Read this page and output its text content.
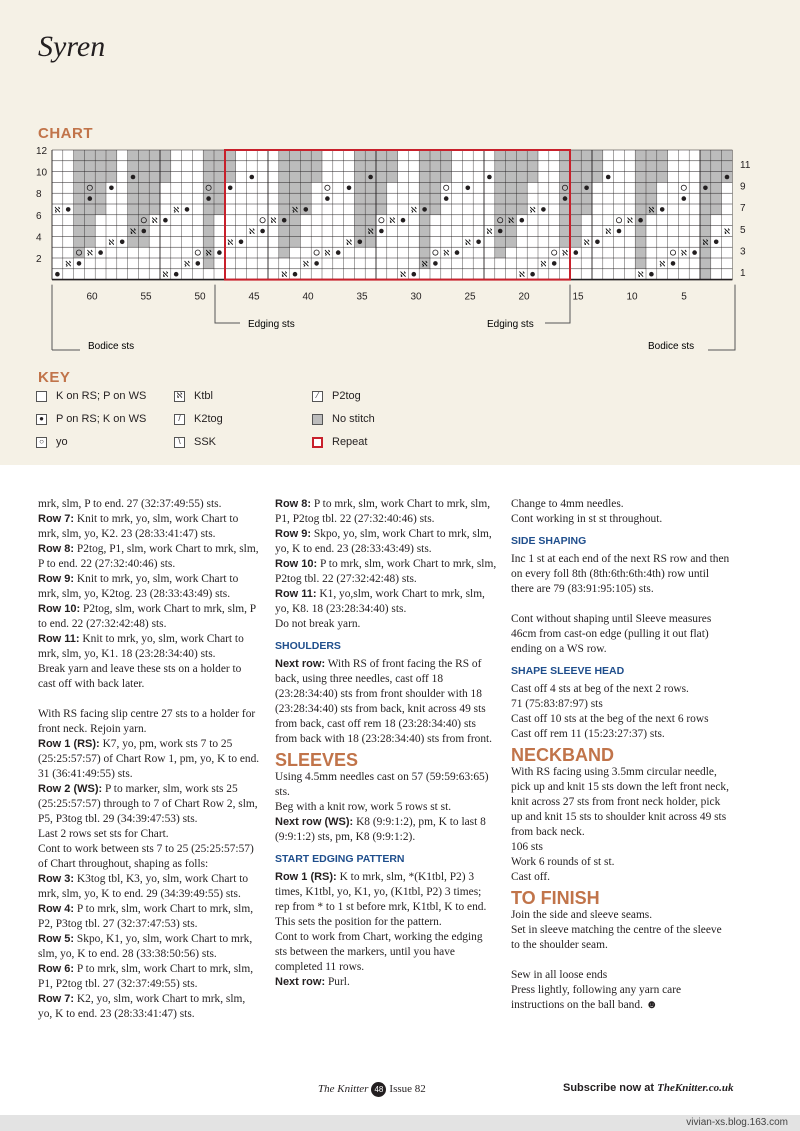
Syren
CHART
ℵ	ℵ	ℵ	ℵ	ℵ	ℵ
ℵ	ℵ	ℵ	ℵ	ℵ
ℵ	ℵ	ℵ	ℵ	ℵ	ℵ
ℵ	ℵ	ℵ	ℵ	ℵ	ℵ
ℵ	ℵ	ℵ	ℵ	ℵ	ℵ
ℵ	ℵ	ℵ	ℵ	ℵ	ℵ
ℵ	ℵ	ℵ	ℵ	ℵ
12
10
8
6
4
2
11
9
7
5
3
1
60	55	50	45	40	35	30	25	20	15	10	5
Bodice sts
Edging sts	Edging sts
Bodice sts
KEY
K on RS; P on WS
● P on RS; K on WS
○ yo
ℵ Ktbl
/	K2tog
\	SSK
⁄	P2tog
No stitch
Repeat

mrk, slm, P to end. 27 (32:37:49:55) sts.

Row 7: Knit to mrk, yo, slm, work Chart to mrk, slm, yo, K2. 23 (28:33:41:47) sts.

Row 8: P2tog, P1, slm, work Chart to mrk, slm, P to end. 22 (27:32:40:46) sts.

Row 9: Knit to mrk, yo, slm, work Chart to mrk, slm, yo, K2tog. 23 (28:33:43:49) sts.

Row 10: P2tog, slm, work Chart to mrk, slm, P to end. 22 (27:32:42:48) sts.

Row 11: Knit to mrk, yo, slm, work Chart to mrk, slm, yo, K1. 18 (23:28:34:40) sts.

Break yarn and leave these sts on a holder to cast off with back later.

With RS facing slip centre 27 sts to a holder for front neck. Rejoin yarn.

Row 1 (RS): K7, yo, pm, work sts 7 to 25 (25:25:57:57) of Chart Row 1, pm, yo, K to end. 31 (36:41:49:55) sts.

Row 2 (WS): P to marker, slm, work sts 25 (25:25:57:57) through to 7 of Chart Row 2, slm, P5, P3tog tbl. 29 (34:39:47:53) sts.

Last 2 rows set sts for Chart.

Cont to work between sts 7 to 25 (25:25:57:57) of Chart throughout, shaping as folls:

Row 3: K3tog tbl, K3, yo, slm, work Chart to mrk, slm, yo, K to end. 29 (34:39:49:55) sts.

Row 4: P to mrk, slm, work Chart to mrk, slm, P2, P3tog tbl. 27 (32:37:47:53) sts.

Row 5: Skpo, K1, yo, slm, work Chart to mrk, slm, yo, K to end. 28 (33:38:50:56) sts.

Row 6: P to mrk, slm, work Chart to mrk, slm, P1, P2tog tbl. 27 (32:37:49:55) sts.

Row 7: K2, yo, slm, work Chart to mrk, slm, yo, K to end. 23 (28:33:41:47) sts.

Row 8: P to mrk, slm, work Chart to mrk, slm, P1, P2tog tbl. 22 (27:32:40:46) sts.

Row 9: Skpo, yo, slm, work Chart to mrk, slm, yo, K to end. 23 (28:33:43:49) sts.

Row 10: P to mrk, slm, work Chart to mrk, slm, P2tog tbl. 22 (27:32:42:48) sts.

Row 11: K1, yo,slm, work Chart to mrk, slm, yo, K8. 18 (23:28:34:40) sts.

Do not break yarn.

SHOULDERS

Next row: With RS of front facing the RS of back, using three needles, cast off 18 (23:28:34:40) sts from front shoulder with 18 (23:28:34:40) sts from back, knit across 49 sts from back, cast off rem 18 (23:28:34:40) sts from back with 18 (23:28:34:40) sts from front.

SLEEVES

Using 4.5mm needles cast on 57 (59:59:63:65) sts.

Beg with a knit row, work 5 rows st st.

Next row (WS): K8 (9:9:1:2), pm, K to last 8 (9:9:1:2) sts, pm, K8 (9:9:1:2).

START EDGING PATTERN

Row 1 (RS): K to mrk, slm, *(K1tbl, P2) 3 times, K1tbl, yo, K1, yo, (K1tbl, P2) 3 times; rep from * to 1 st before mrk, K1tbl, K to end.

This sets the position for the pattern.

Cont to work from Chart, working the edging sts between the markers, until you have completed 11 rows.

Next row: Purl.

Change to 4mm needles.

Cont working in st st throughout.

SIDE SHAPING

Inc 1 st at each end of the next RS row and then on every foll 8th (8th:6th:6th:4th) row until there are 79 (83:91:95:105) sts.

Cont without shaping until Sleeve measures 46cm from cast-on edge (pulling it out flat) ending on a WS row.

SHAPE SLEEVE HEAD

Cast off 4 sts at beg of the next 2 rows.

71 (75:83:87:97) sts

Cast off 10 sts at the beg of the next 6 rows

Cast off rem 11 (15:23:27:37) sts.

NECKBAND

With RS facing using 3.5mm circular needle, pick up and knit 15 sts down the left front neck, knit across 27 sts from front neck holder, pick up and knit 15 sts to shoulder knit across 49 sts from back neck.

106 sts

Work 6 rounds of st st.

Cast off.

TO FINISH

Join the side and sleeve seams.

Set in sleeve matching the centre of the sleeve to the shoulder seam.

Sew in all loose ends

Press lightly, following any yarn care instructions on the ball band. ☻

The Knitter 48 Issue 82	Subscribe now at TheKnitter.co.uk
vivian-xs.blog.163.com
